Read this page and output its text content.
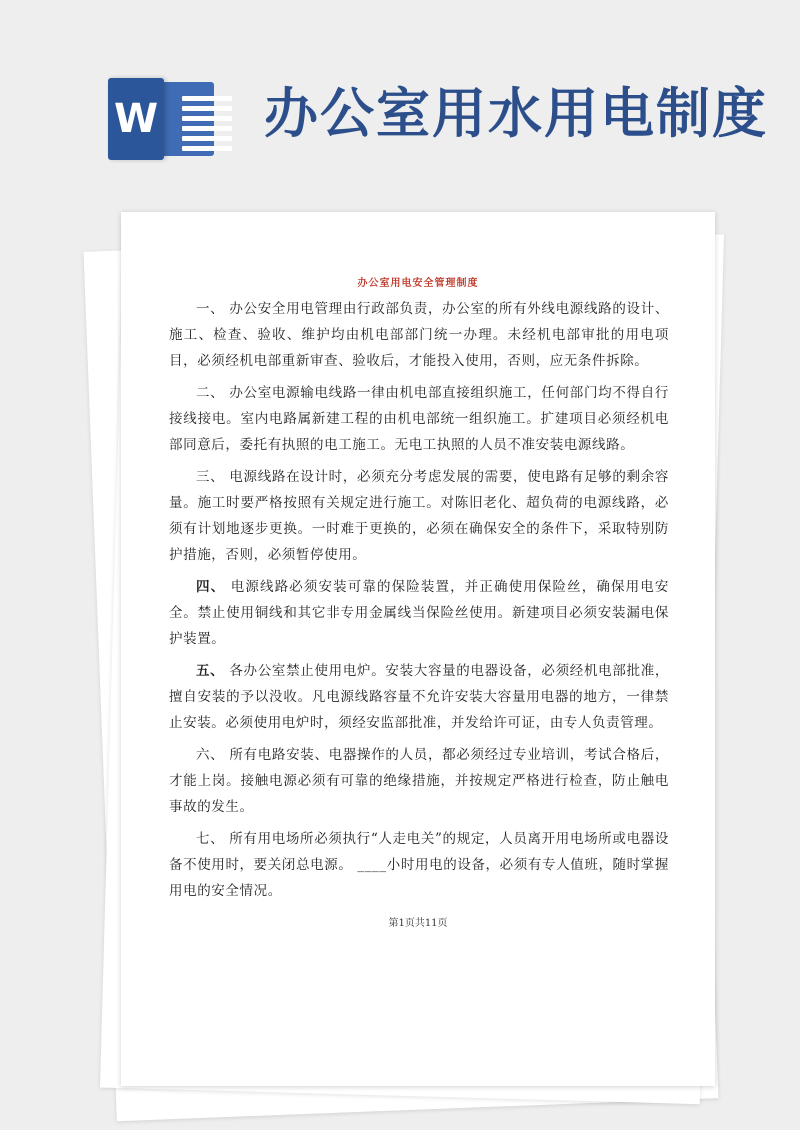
W 办公室用水用电制度
办公室用电安全管理制度

一、 办公安全用电管理由行政部负责，办公室的所有外线电源线路的设计、施工、检查、验收、维护均由机电部部门统一办理。未经机电部审批的用电项目，必须经机电部重新审查、验收后，才能投入使用，否则，应无条件拆除。

二、 办公室电源输电线路一律由机电部直接组织施工，任何部门均不得自行接线接电。室内电路属新建工程的由机电部统一组织施工。扩建项目必须经机电部同意后，委托有执照的电工施工。无电工执照的人员不准安装电源线路。

三、 电源线路在设计时，必须充分考虑发展的需要，使电路有足够的剩余容量。施工时要严格按照有关规定进行施工。对陈旧老化、超负荷的电源线路，必须有计划地逐步更换。一时难于更换的，必须在确保安全的条件下，采取特别防护措施，否则，必须暂停使用。

四、 电源线路必须安装可靠的保险装置，并正确使用保险丝，确保用电安全。禁止使用铜线和其它非专用金属线当保险丝使用。新建项目必须安装漏电保护装置。

五、 各办公室禁止使用电炉。安装大容量的电器设备，必须经机电部批准，擅自安装的予以没收。凡电源线路容量不允许安装大容量用电器的地方，一律禁止安装。必须使用电炉时，须经安监部批准，并发给许可证，由专人负责管理。

六、 所有电路安装、电器操作的人员，都必须经过专业培训，考试合格后，才能上岗。接触电源必须有可靠的绝缘措施，并按规定严格进行检查，防止触电事故的发生。

七、 所有用电场所必须执行“人走电关”的规定，人员离开用电场所或电器设备不使用时，要关闭总电源。 ____小时用电的设备，必须有专人值班，随时掌握用电的安全情况。

第1页共11页
